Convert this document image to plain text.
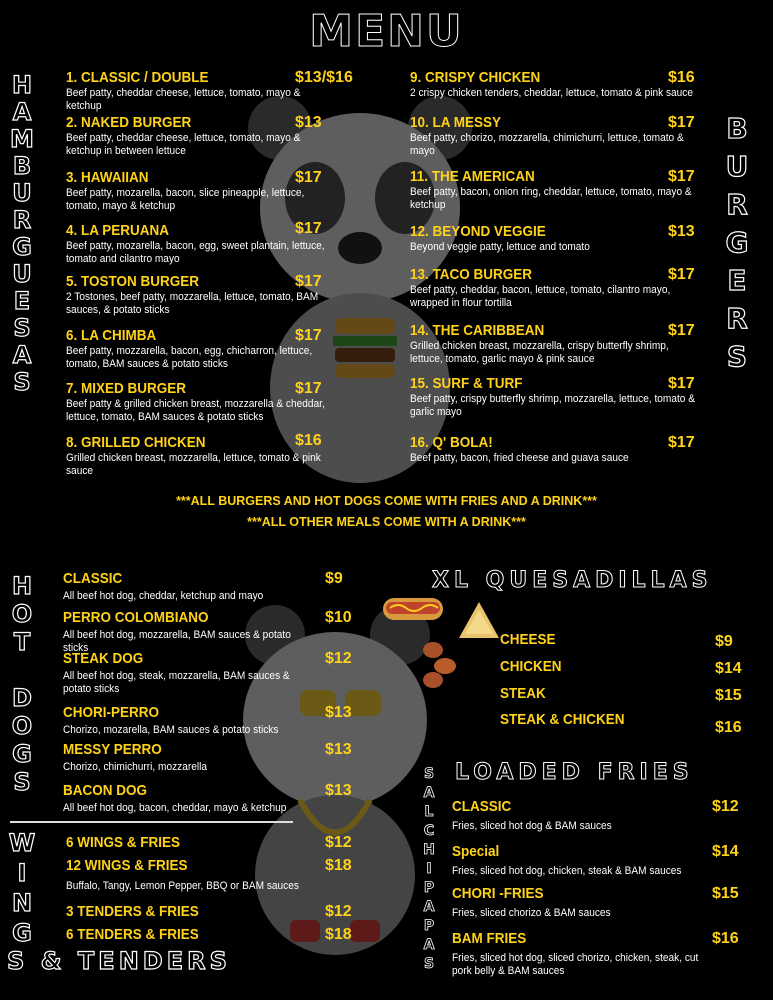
MENU
H
A
M
B
U
R
G
U
E
S
A
S
B
U
R
G
E
R
S
H
O
T

D
O
G
S
W
I
N
G
S & TENDERS
S
A
L
C
H
I
P
A
P
A
S
1. CLASSIC / DOUBLE	$13/$16
Beef patty, cheddar cheese, lettuce, tomato, mayo & ketchup
2. NAKED BURGER	$13
Beef patty, cheddar cheese, lettuce, tomato, mayo & ketchup in between lettuce
3. HAWAIIAN	$17
Beef patty, mozarella, bacon, slice pineapple, lettuce, tomato, mayo & ketchup
4. LA PERUANA	$17
Beef patty, mozarella, bacon, egg, sweet plantain, lettuce, tomato and cilantro mayo
5. TOSTON BURGER	$17
2 Tostones, beef patty, mozzarella, lettuce, tomato, BAM sauces, & potato sticks
6. LA CHIMBA	$17
Beef patty, mozzarella, bacon, egg, chicharron, lettuce, tomato, BAM sauces & potato sticks
7. MIXED BURGER	$17
Beef patty & grilled chicken breast, mozzarella & cheddar, lettuce, tomato, BAM sauces & potato sticks
8. GRILLED CHICKEN	$16
Grilled chicken breast, mozzarella, lettuce, tomato & pink sauce
9. CRISPY CHICKEN	$16
2 crispy chicken tenders, cheddar, lettuce, tomato & pink sauce
10. LA MESSY	$17
Beef patty, chorizo, mozzarella, chimichurri, lettuce, tomato & mayo
11. THE AMERICAN	$17
Beef patty, bacon, onion ring, cheddar, lettuce, tomato, mayo & ketchup
12. BEYOND VEGGIE	$13
Beyond veggie patty, lettuce and tomato
13. TACO BURGER	$17
Beef patty, cheddar, bacon, lettuce, tomato, cilantro mayo, wrapped in flour tortilla
14. THE CARIBBEAN	$17
Grilled chicken breast, mozzarella, crispy butterfly shrimp, lettuce, tomato, garlic mayo & pink sauce
15. SURF & TURF	$17
Beef patty, crispy butterfly shrimp, mozzarella, lettuce, tomato & garlic mayo
16. Q' BOLA!	$17
Beef patty, bacon, fried cheese and guava sauce
***ALL BURGERS AND HOT DOGS COME WITH FRIES AND A DRINK***
***ALL OTHER MEALS COME WITH A DRINK***
CLASSIC	$9
All beef hot dog, cheddar, ketchup and mayo
PERRO COLOMBIANO	$10
All beef hot dog, mozzarella, BAM sauces & potato sticks
STEAK DOG	$12
All beef hot dog, steak, mozzarella, BAM sauces & potato sticks
CHORI-PERRO	$13
Chorizo, mozarella, BAM sauces & potato sticks
MESSY PERRO	$13
Chorizo, chimichurri, mozzarella
BACON DOG	$13
All beef hot dog, bacon, cheddar, mayo & ketchup
6 WINGS & FRIES	$12
12 WINGS & FRIES	$18
Buffalo, Tangy, Lemon Pepper, BBQ or BAM sauces
3 TENDERS & FRIES	$12
6 TENDERS & FRIES	$18
XL QUESADILLAS
CHEESE	$9
CHICKEN	$14
STEAK	$15
STEAK & CHICKEN	$16
LOADED FRIES
CLASSIC	$12
Fries, sliced hot dog & BAM sauces
Special	$14
Fries, sliced hot dog, chicken, steak & BAM sauces
CHORI -FRIES	$15
Fries, sliced chorizo & BAM sauces
BAM FRIES	$16
Fries, sliced hot dog, sliced chorizo, chicken, steak, cut pork belly & BAM sauces
